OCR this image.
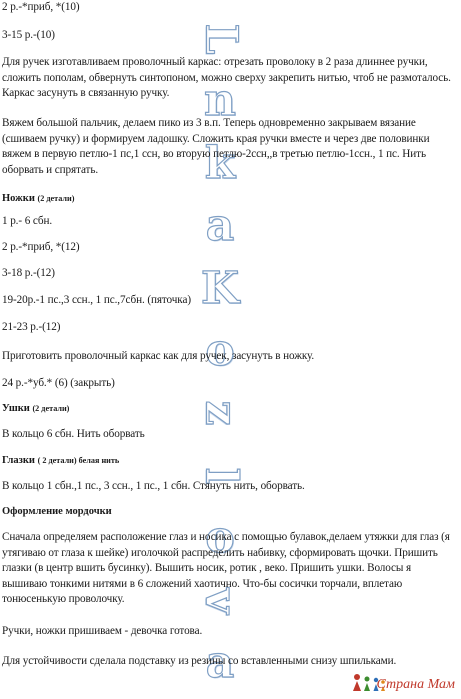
L
n
k
a
K
o
z
l
o
v
a
2 р.-*приб, *(10)
3-15 р.-(10)
Для ручек изготавливаем проволочный каркас: отрезать проволоку в 2 раза длиннее ручки, сложить пополам, обвернуть синтопоном, можно сверху закрепить нитью, чтоб не размоталось. Каркас засунуть в связанную ручку.
Вяжем большой пальчик, делаем пико из 3 в.п. Теперь одновременно закрываем вязание (сшиваем ручку) и формируем ладошку. Сложить края ручки вместе и через две половинки вяжем в первую петлю-1 пс,1 ссн, во вторую петлю-2ссн,,в третью петлю-1ссн., 1 пс. Нить оборвать и спрятать.
Ножки (2 детали)
1 р.- 6 сбн.
2 р.-*приб, *(12)
3-18 р.-(12)
19-20р.-1 пс.,3 ссн., 1 пс.,7сбн. (пяточка)
21-23 р.-(12)
Приготовить проволочный каркас как для ручек, засунуть в ножку.
24 р.-*уб.* (6) (закрыть)
Ушки (2 детали)
В кольцо 6 сбн. Нить оборвать
Глазки ( 2 детали) белая нить
В кольцо 1 сбн.,1 пс., 3 ссн., 1 пс., 1 сбн. Стянуть нить, оборвать.
Оформление мордочки
Сначала определяем расположение глаз и носика с помощью булавок,делаем утяжки для глаз (я утягиваю от глаза к шейке) иголочкой раcпределить набивку, сформировать щочки. Пришить глазки (в центр вшить бусинку). Вышить носик, ротик , веко. Пришить ушки. Волосы я вышиваю тонкими нитями в 6 сложений хаотично. Что-бы сосички торчали, вплетаю тонюсенькую проволочку.
Ручки, ножки пришиваем - девочка готова.
Для устойчивости сделала подставку из резины со вставленными снизу шпильками.
Страна Мам
